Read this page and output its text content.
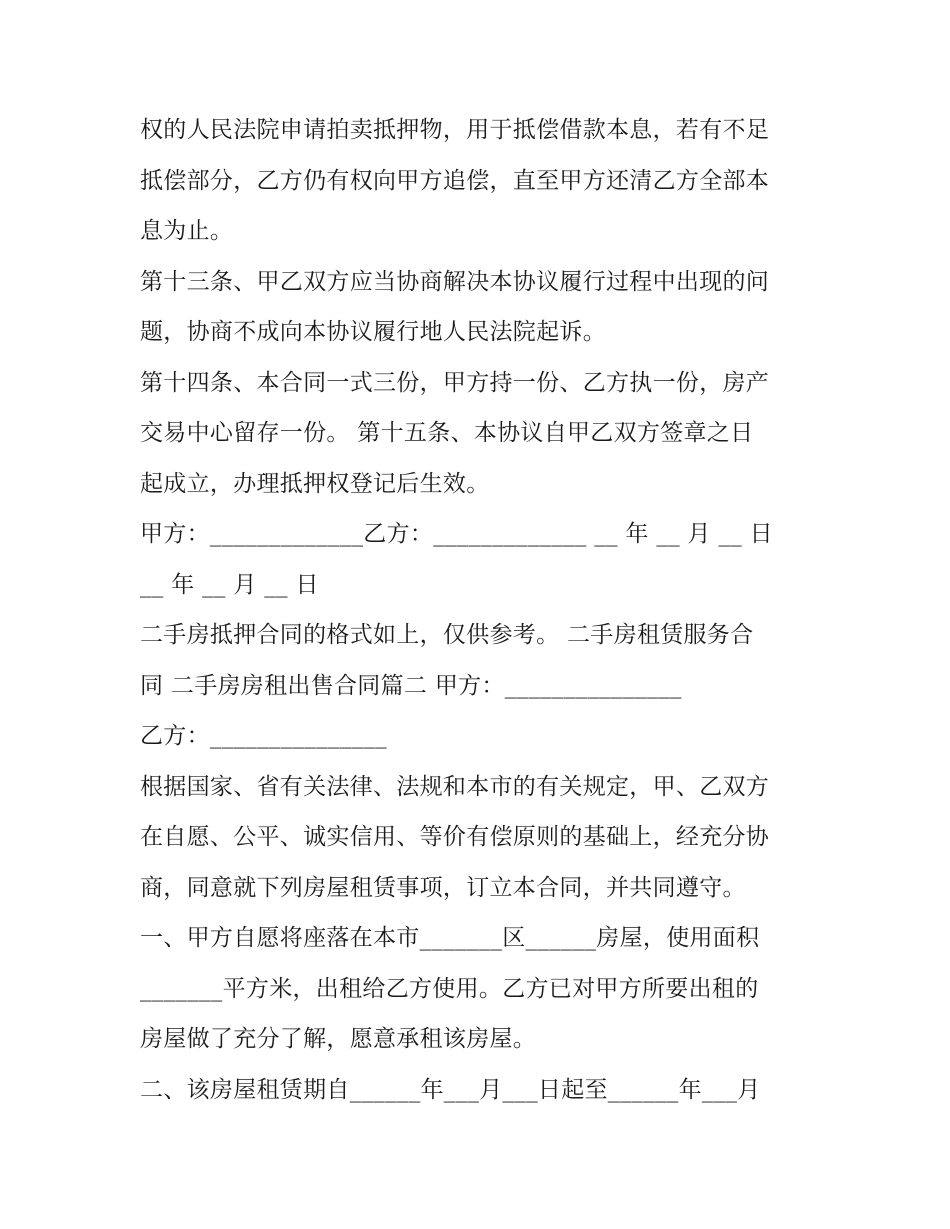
权的人民法院申请拍卖抵押物，用于抵偿借款本息，若有不足
抵偿部分，乙方仍有权向甲方追偿，直至甲方还清乙方全部本
息为止。
第十三条、甲乙双方应当协商解决本协议履行过程中出现的问
题，协商不成向本协议履行地人民法院起诉。
第十四条、本合同一式三份，甲方持一份、乙方执一份，房产
交易中心留存一份。 第十五条、本协议自甲乙双方签章之日
起成立，办理抵押权登记后生效。
甲方：_____________乙方：_____________ __ 年 __ 月 __ 日
__ 年 __ 月 __ 日
二手房抵押合同的格式如上，仅供参考。 二手房租赁服务合
同 二手房房租出售合同篇二 甲方：_______________
乙方：_______________
根据国家、省有关法律、法规和本市的有关规定，甲、乙双方
在自愿、公平、诚实信用、等价有偿原则的基础上，经充分协
商，同意就下列房屋租赁事项，订立本合同，并共同遵守。
一、甲方自愿将座落在本市_______区______房屋，使用面积
_______平方米，出租给乙方使用。乙方已对甲方所要出租的
房屋做了充分了解，愿意承租该房屋。
二、该房屋租赁期自______年___月___日起至______年___月
